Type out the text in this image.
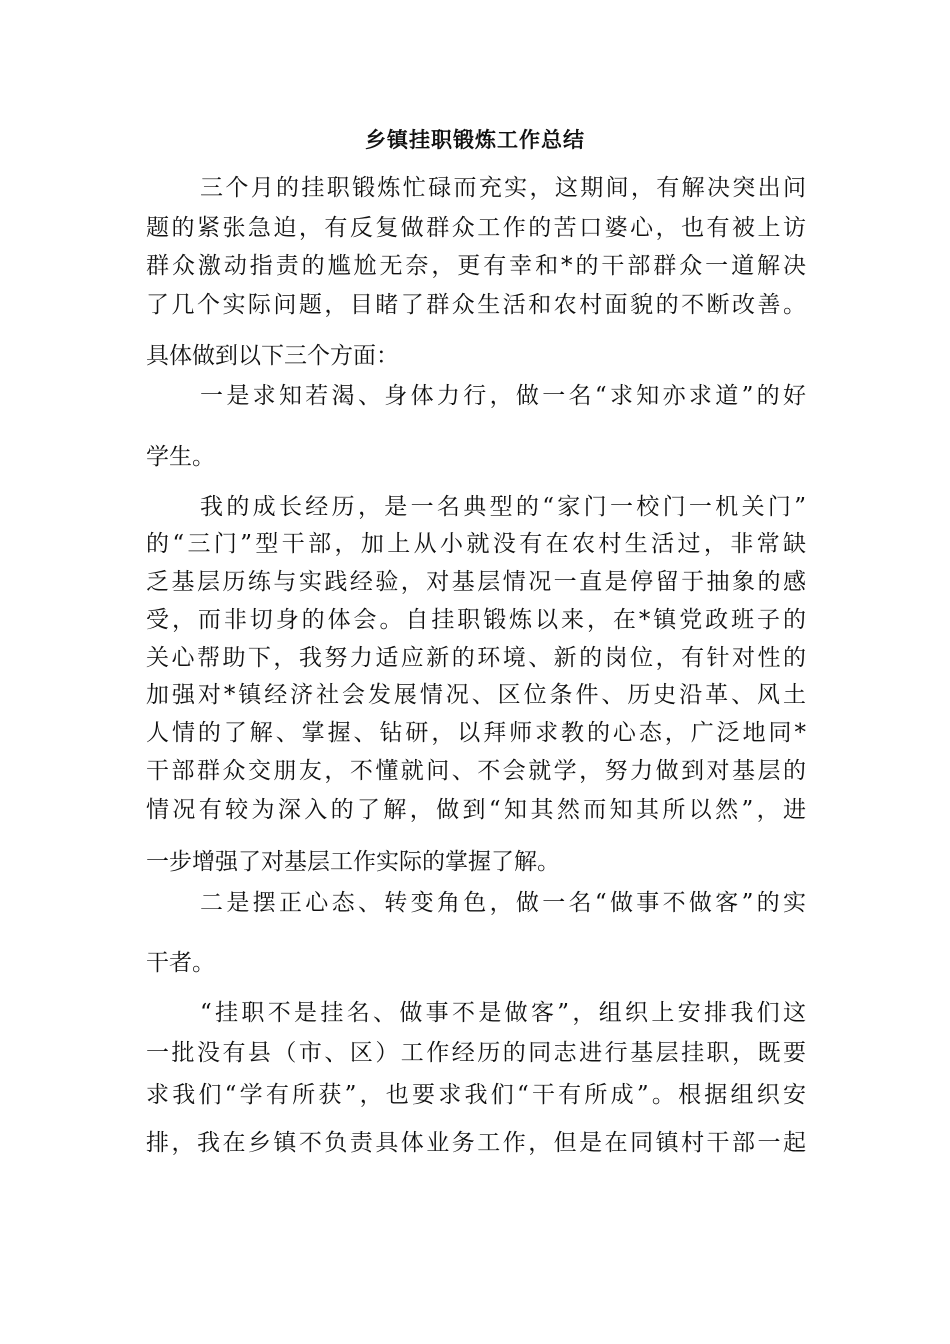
乡镇挂职锻炼工作总结
三个月的挂职锻炼忙碌而充实，这期间，有解决突出问
题的紧张急迫，有反复做群众工作的苦口婆心，也有被上访
群众激动指责的尴尬无奈，更有幸和*的干部群众一道解决
了几个实际问题，目睹了群众生活和农村面貌的不断改善。
具体做到以下三个方面：
一是求知若渴、身体力行，做一名“求知亦求道”的好
学生。
我的成长经历，是一名典型的“家门一校门一机关门”
的“三门”型干部，加上从小就没有在农村生活过，非常缺
乏基层历练与实践经验，对基层情况一直是停留于抽象的感
受，而非切身的体会。自挂职锻炼以来，在*镇党政班子的
关心帮助下，我努力适应新的环境、新的岗位，有针对性的
加强对*镇经济社会发展情况、区位条件、历史沿革、风土
人情的了解、掌握、钻研，以拜师求教的心态，广泛地同*
干部群众交朋友，不懂就问、不会就学，努力做到对基层的
情况有较为深入的了解，做到“知其然而知其所以然”，进
一步增强了对基层工作实际的掌握了解。
二是摆正心态、转变角色，做一名“做事不做客”的实
干者。
“挂职不是挂名、做事不是做客”，组织上安排我们这
一批没有县（市、区）工作经历的同志进行基层挂职，既要
求我们“学有所获”，也要求我们“干有所成”。根据组织安
排，我在乡镇不负责具体业务工作，但是在同镇村干部一起
